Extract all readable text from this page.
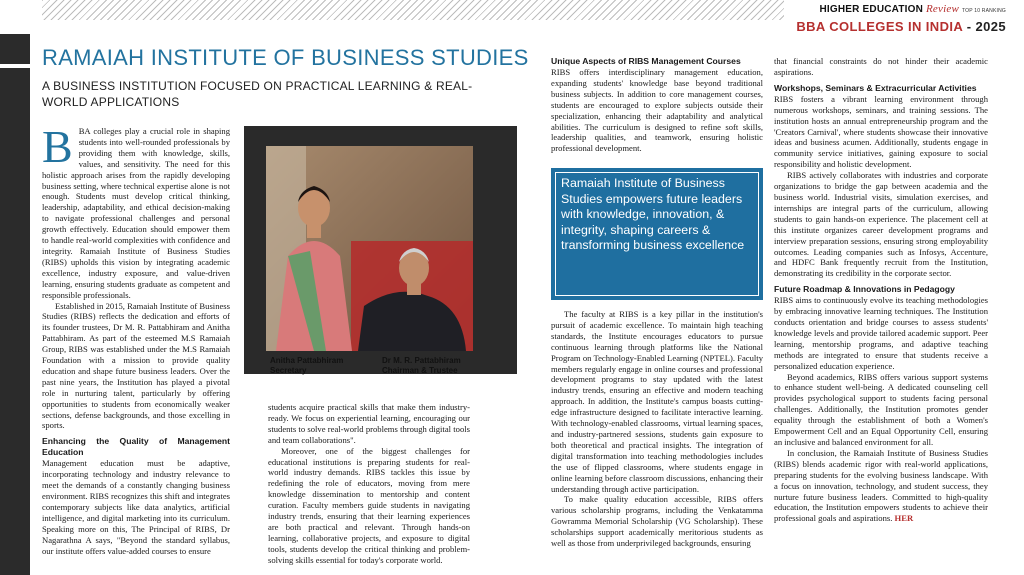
HIGHER EDUCATION Review TOP 10 RANKING
BBA COLLEGES IN INDIA - 2025
RAMAIAH INSTITUTE OF BUSINESS STUDIES
A BUSINESS INSTITUTION FOCUSED ON PRACTICAL LEARNING & REAL-WORLD APPLICATIONS

BBA colleges play a crucial role in shaping students into well-rounded professionals by providing them with knowledge, skills, values, and sensitivity. The need for this holistic approach arises from the rapidly developing business setting, where technical expertise alone is not enough. Students must develop critical thinking, leadership, adaptability, and ethical decision-making to navigate professional challenges and personal growth effectively. Education should empower them to handle real-world complexities with confidence and integrity. Ramaiah Institute of Business Studies (RIBS) upholds this vision by integrating academic excellence, industry exposure, and value-driven learning, ensuring students graduate as competent and responsible professionals.

Established in 2015, Ramaiah Institute of Business Studies (RIBS) reflects the dedication and efforts of its founder trustees, Dr M. R. Pattabhiram and Anitha Pattabhiram. As part of the esteemed M.S Ramaiah Group, RIBS was established under the M.S Ramaiah Foundation with a mission to provide quality education and shape future business leaders. Over the past nine years, the Institution has played a pivotal role in nurturing talent, particularly by offering opportunities to students from economically weaker sections, defense backgrounds, and those excelling in sports.

Enhancing the Quality of Management Education

Management education must be adaptive, incorporating technology and industry relevance to meet the demands of a constantly changing business environment. RIBS recognizes this shift and integrates contemporary subjects like data analytics, artificial intelligence, and digital marketing into its curriculum. Speaking more on this, The Principal of RIBS, Dr Nagarathna A says, "Beyond the standard syllabus, our institute offers value-added courses to ensure

Anitha Pattabhiram
Secretary
Dr M. R. Pattabhiram
Chairman & Trustee

students acquire practical skills that make them industry-ready. We focus on experiential learning, encouraging our students to solve real-world problems through digital tools and team collaborations".

Moreover, one of the biggest challenges for educational institutions is preparing students for real-world industry demands. RIBS tackles this issue by redefining the role of educators, moving from mere knowledge dissemination to mentorship and content curation. Faculty members guide students in navigating industry trends, ensuring that their learning experiences are both practical and relevant. Through hands-on learning, collaborative projects, and exposure to digital tools, students develop the critical thinking and problem-solving skills essential for today's corporate world.

Unique Aspects of RIBS Management Courses

RIBS offers interdisciplinary management education, expanding students' knowledge base beyond traditional business subjects. In addition to core management courses, students are encouraged to explore subjects outside their specialization, enhancing their adaptability and analytical abilities. The curriculum is designed to refine soft skills, leadership qualities, and teamwork, ensuring holistic professional development.

Ramaiah Institute of Business Studies empowers future leaders with knowledge, innovation, & integrity, shaping careers & transforming business excellence

The faculty at RIBS is a key pillar in the institution's pursuit of academic excellence. To maintain high teaching standards, the Institute encourages educators to pursue continuous learning through platforms like the National Program on Technology-Enabled Learning (NPTEL). Faculty members regularly engage in online courses and professional development programs to stay updated with the latest industry trends, ensuring an effective and modern teaching approach. In addition, the Institute's campus boasts cutting-edge infrastructure designed to facilitate interactive learning. With technology-enabled classrooms, virtual learning spaces, and industry-partnered sessions, students gain exposure to both theoretical and practical insights. The integration of digital transformation into teaching methodologies includes the use of flipped classrooms, where students engage in online learning before classroom discussions, enhancing their understanding through active participation.

To make quality education accessible, RIBS offers various scholarship programs, including the Venkatamma Gowramma Memorial Scholarship (VG Scholarship). These scholarships support academically meritorious students as well as those from underprivileged backgrounds, ensuring

that financial constraints do not hinder their academic aspirations.

Workshops, Seminars & Extracurricular Activities

RIBS fosters a vibrant learning environment through numerous workshops, seminars, and training sessions. The institution hosts an annual entrepreneurship program and the 'Creators Carnival', where students showcase their innovative ideas and business acumen. Additionally, students engage in community service initiatives, gaining exposure to social responsibility and holistic development.

RIBS actively collaborates with industries and corporate organizations to bridge the gap between academia and the business world. Industrial visits, simulation exercises, and internships are integral parts of the curriculum, allowing students to gain hands-on experience. The placement cell at this institute organizes career development programs and interview preparation sessions, ensuring strong employability outcomes. Leading companies such as Infosys, Accenture, and HDFC Bank frequently recruit from the Institution, demonstrating its credibility in the corporate sector.

Future Roadmap & Innovations in Pedagogy

RIBS aims to continuously evolve its teaching methodologies by embracing innovative learning techniques. The Institution conducts orientation and bridge courses to assess students' knowledge levels and provide tailored academic support. Peer learning, mentorship programs, and adaptive teaching methods are integrated to ensure that students receive a personalized education experience.

Beyond academics, RIBS offers various support systems to enhance student well-being. A dedicated counseling cell provides psychological support to students facing personal challenges. Additionally, the Institution promotes gender equality through the establishment of both a Women's Empowerment Cell and an Equal Opportunity Cell, ensuring an inclusive and balanced environment for all.

In conclusion, the Ramaiah Institute of Business Studies (RIBS) blends academic rigor with real-world applications, preparing students for the evolving business landscape. With a focus on innovation, technology, and student success, they nurture future business leaders. Committed to high-quality education, the Institution empowers students to achieve their professional goals and aspirations. HER
